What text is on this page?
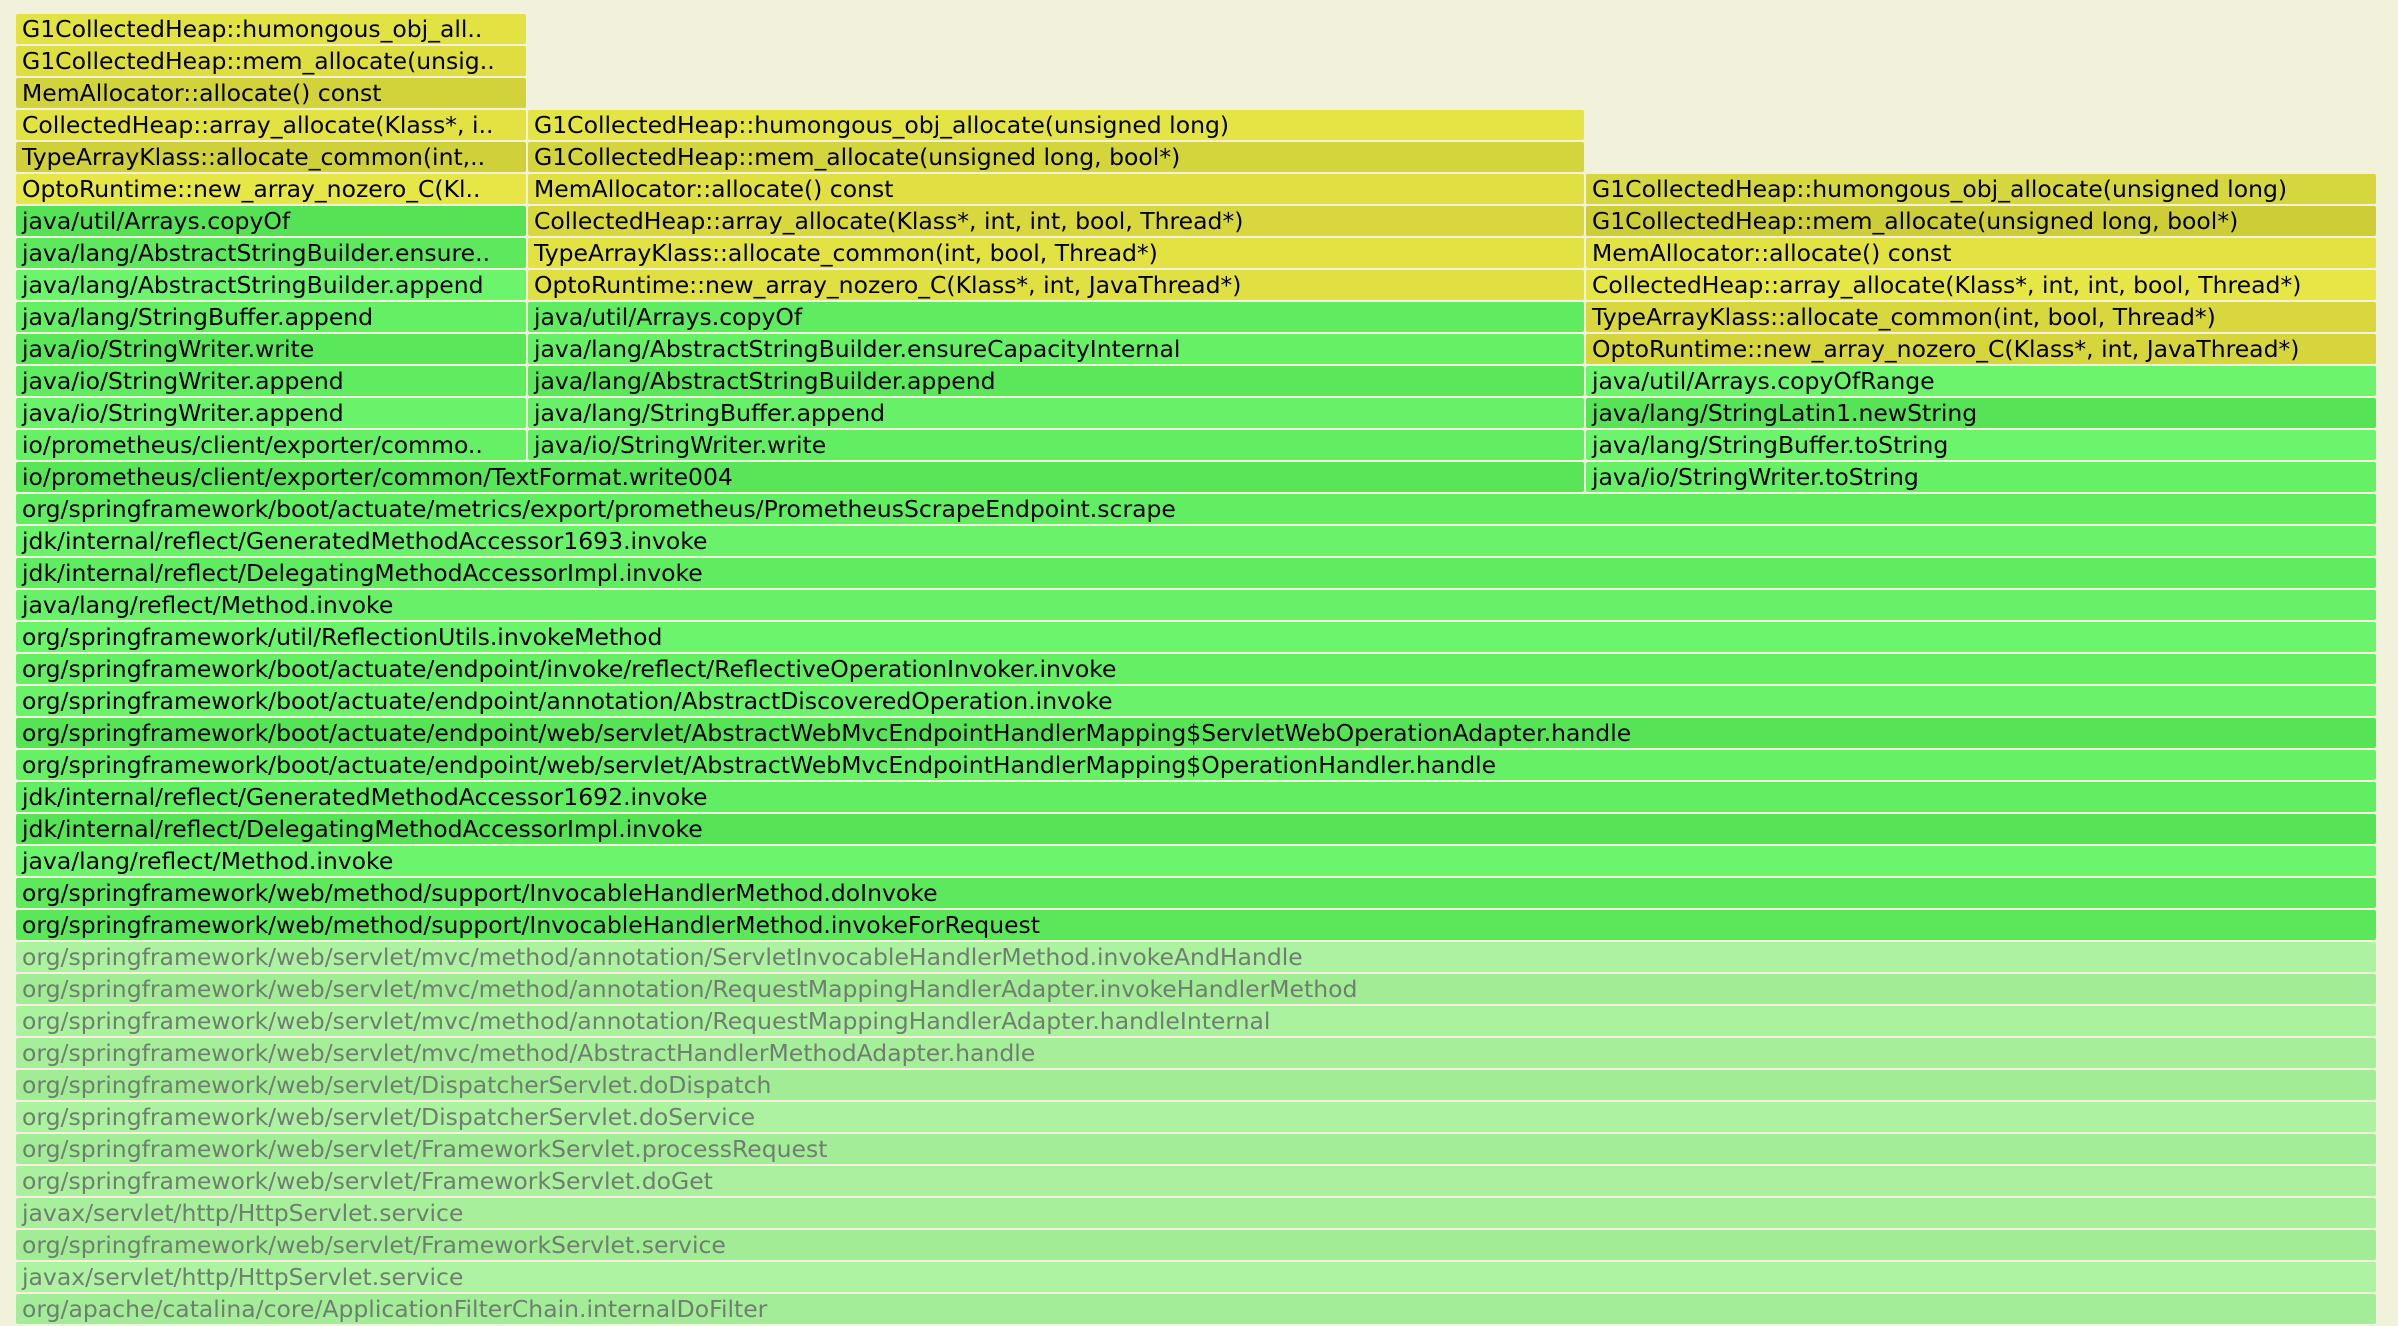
G1CollectedHeap::humongous_obj_all..
G1CollectedHeap::mem_allocate(unsig..
MemAllocator::allocate() const
CollectedHeap::array_allocate(Klass*, i..	G1CollectedHeap::humongous_obj_allocate(unsigned long)
TypeArrayKlass::allocate_common(int,..	G1CollectedHeap::mem_allocate(unsigned long, bool*)
OptoRuntime::new_array_nozero_C(Kl..	MemAllocator::allocate() const	G1CollectedHeap::humongous_obj_allocate(unsigned long)
java/util/Arrays.copyOf	CollectedHeap::array_allocate(Klass*, int, int, bool, Thread*)	G1CollectedHeap::mem_allocate(unsigned long, bool*)
java/lang/AbstractStringBuilder.ensure..	TypeArrayKlass::allocate_common(int, bool, Thread*)	MemAllocator::allocate() const
java/lang/AbstractStringBuilder.append	OptoRuntime::new_array_nozero_C(Klass*, int, JavaThread*)	CollectedHeap::array_allocate(Klass*, int, int, bool, Thread*)
java/lang/StringBuffer.append	java/util/Arrays.copyOf	TypeArrayKlass::allocate_common(int, bool, Thread*)
java/io/StringWriter.write	java/lang/AbstractStringBuilder.ensureCapacityInternal	OptoRuntime::new_array_nozero_C(Klass*, int, JavaThread*)
java/io/StringWriter.append	java/lang/AbstractStringBuilder.append	java/util/Arrays.copyOfRange
java/io/StringWriter.append	java/lang/StringBuffer.append	java/lang/StringLatin1.newString
io/prometheus/client/exporter/commo..	java/io/StringWriter.write	java/lang/StringBuffer.toString
io/prometheus/client/exporter/common/TextFormat.write004	java/io/StringWriter.toString
org/springframework/boot/actuate/metrics/export/prometheus/PrometheusScrapeEndpoint.scrape
jdk/internal/reflect/GeneratedMethodAccessor1693.invoke
jdk/internal/reflect/DelegatingMethodAccessorImpl.invoke
java/lang/reflect/Method.invoke
org/springframework/util/ReflectionUtils.invokeMethod
org/springframework/boot/actuate/endpoint/invoke/reflect/ReflectiveOperationInvoker.invoke
org/springframework/boot/actuate/endpoint/annotation/AbstractDiscoveredOperation.invoke
org/springframework/boot/actuate/endpoint/web/servlet/AbstractWebMvcEndpointHandlerMapping$ServletWebOperationAdapter.handle
org/springframework/boot/actuate/endpoint/web/servlet/AbstractWebMvcEndpointHandlerMapping$OperationHandler.handle
jdk/internal/reflect/GeneratedMethodAccessor1692.invoke
jdk/internal/reflect/DelegatingMethodAccessorImpl.invoke
java/lang/reflect/Method.invoke
org/springframework/web/method/support/InvocableHandlerMethod.doInvoke
org/springframework/web/method/support/InvocableHandlerMethod.invokeForRequest
org/springframework/web/servlet/mvc/method/annotation/ServletInvocableHandlerMethod.invokeAndHandle
org/springframework/web/servlet/mvc/method/annotation/RequestMappingHandlerAdapter.invokeHandlerMethod
org/springframework/web/servlet/mvc/method/annotation/RequestMappingHandlerAdapter.handleInternal
org/springframework/web/servlet/mvc/method/AbstractHandlerMethodAdapter.handle
org/springframework/web/servlet/DispatcherServlet.doDispatch
org/springframework/web/servlet/DispatcherServlet.doService
org/springframework/web/servlet/FrameworkServlet.processRequest
org/springframework/web/servlet/FrameworkServlet.doGet
javax/servlet/http/HttpServlet.service
org/springframework/web/servlet/FrameworkServlet.service
javax/servlet/http/HttpServlet.service
org/apache/catalina/core/ApplicationFilterChain.internalDoFilter
